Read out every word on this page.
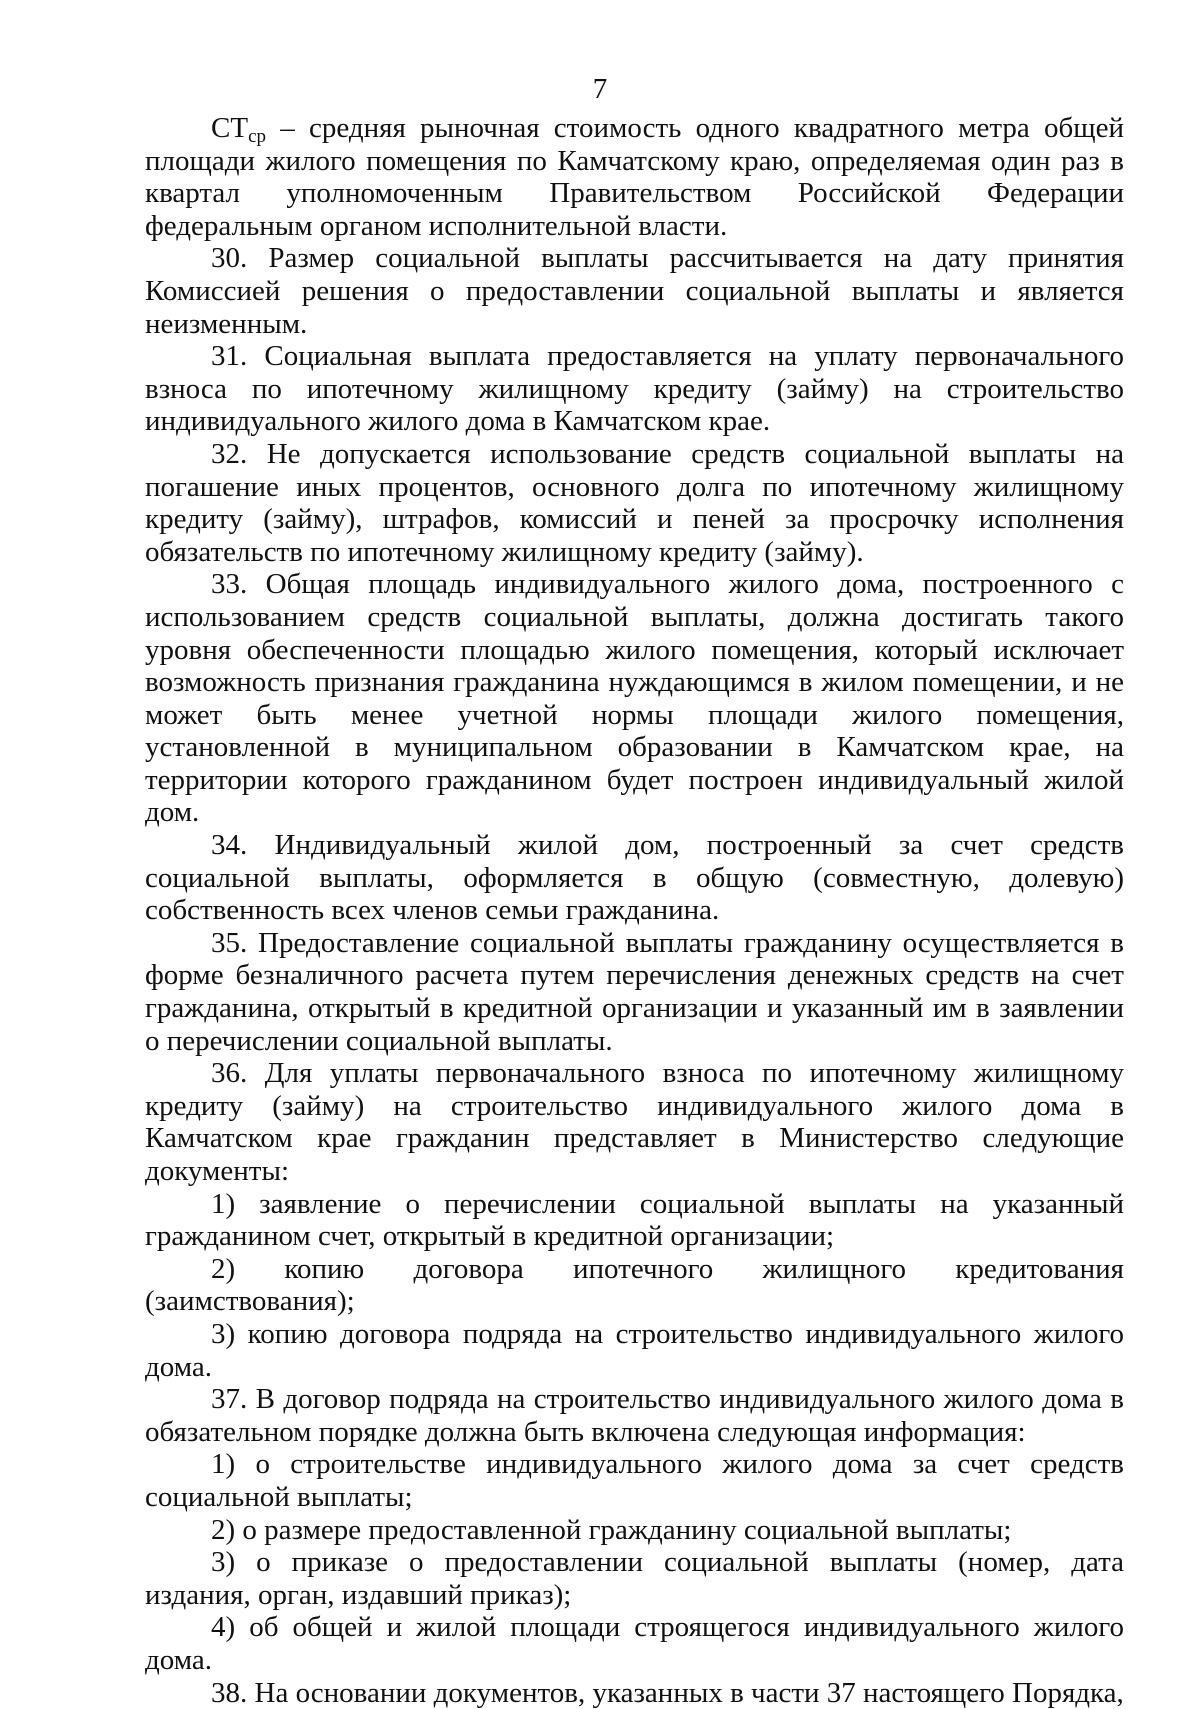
7

$СТ_{ср}$ – средняя рыночная стоимость одного квадратного метра общей площади жилого помещения по Камчатскому краю, определяемая один раз в квартал уполномоченным Правительством Российской Федерации федеральным органом исполнительной власти.

30. Размер социальной выплаты рассчитывается на дату принятия Комиссией решения о предоставлении социальной выплаты и является неизменным.

31. Социальная выплата предоставляется на уплату первоначального взноса по ипотечному жилищному кредиту (займу) на строительство индивидуального жилого дома в Камчатском крае.

32. Не допускается использование средств социальной выплаты на погашение иных процентов, основного долга по ипотечному жилищному кредиту (займу), штрафов, комиссий и пеней за просрочку исполнения обязательств по ипотечному жилищному кредиту (займу).

33. Общая площадь индивидуального жилого дома, построенного с использованием средств социальной выплаты, должна достигать такого уровня обеспеченности площадью жилого помещения, который исключает возможность признания гражданина нуждающимся в жилом помещении, и не может быть менее учетной нормы площади жилого помещения, установленной в муниципальном образовании в Камчатском крае, на территории которого гражданином будет построен индивидуальный жилой дом.

34. Индивидуальный жилой дом, построенный за счет средств социальной выплаты, оформляется в общую (совместную, долевую) собственность всех членов семьи гражданина.

35. Предоставление социальной выплаты гражданину осуществляется в форме безналичного расчета путем перечисления денежных средств на счет гражданина, открытый в кредитной организации и указанный им в заявлении о перечислении социальной выплаты.

36. Для уплаты первоначального взноса по ипотечному жилищному кредиту (займу) на строительство индивидуального жилого дома в Камчатском крае гражданин представляет в Министерство следующие документы:

1) заявление о перечислении социальной выплаты на указанный гражданином счет, открытый в кредитной организации;

2) копию договора ипотечного жилищного кредитования (заимствования);

3) копию договора подряда на строительство индивидуального жилого дома.

37. В договор подряда на строительство индивидуального жилого дома в обязательном порядке должна быть включена следующая информация:

1) о строительстве индивидуального жилого дома за счет средств социальной выплаты;

2) о размере предоставленной гражданину социальной выплаты;

3) о приказе о предоставлении социальной выплаты (номер, дата издания, орган, издавший приказ);

4) об общей и жилой площади строящегося индивидуального жилого дома.

38. На основании документов, указанных в части 37 настоящего Порядка,
